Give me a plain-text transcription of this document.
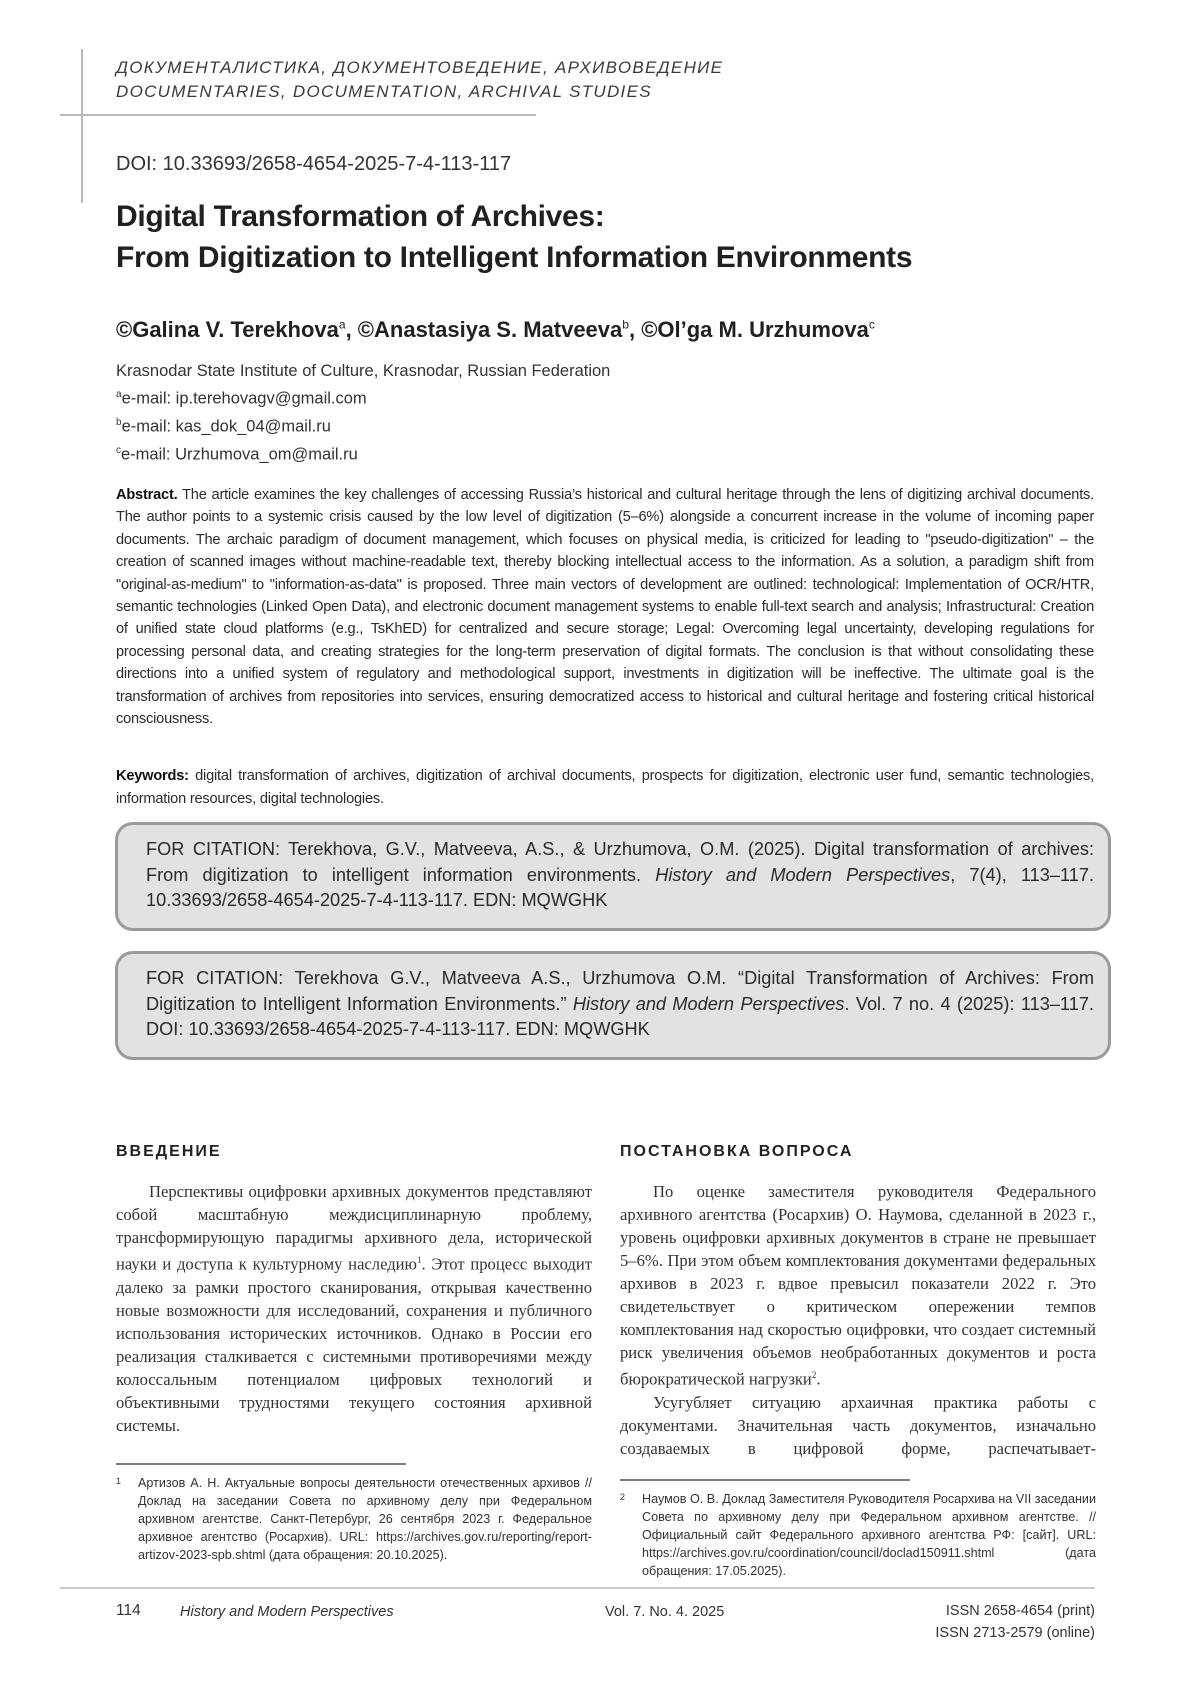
ДОКУМЕНТАЛИСТИКА, ДОКУМЕНТОВЕДЕНИЕ, АРХИВОВЕДЕНИЕ
DOCUMENTARIES, DOCUMENTATION, ARCHIVAL STUDIES
DOI: 10.33693/2658-4654-2025-7-4-113-117
Digital Transformation of Archives:
From Digitization to Intelligent Information Environments
©Galina V. Terekhova$^a$, ©Anastasiya S. Matveeva$^b$, ©Ol’ga M. Urzhumova$^c$
Krasnodar State Institute of Culture, Krasnodar, Russian Federation
$^a$e-mail: ip.terehovagv@gmail.com
$^b$e-mail: kas_dok_04@mail.ru
$^c$e-mail: Urzhumova_om@mail.ru
Abstract. The article examines the key challenges of accessing Russia’s historical and cultural heritage through the lens of digitizing archival documents. The author points to a systemic crisis caused by the low level of digitization (5–6%) alongside a concurrent increase in the volume of incoming paper documents. The archaic paradigm of document management, which focuses on physical media, is criticized for leading to "pseudo-digitization" – the creation of scanned images without machine-readable text, thereby blocking intellectual access to the information. As a solution, a paradigm shift from "original-as-medium" to "information-as-data" is proposed. Three main vectors of development are outlined: technological: Implementation of OCR/HTR, semantic technologies (Linked Open Data), and electronic document management systems to enable full-text search and analysis; Infrastructural: Creation of unified state cloud platforms (e.g., TsKhED) for centralized and secure storage; Legal: Overcoming legal uncertainty, developing regulations for processing personal data, and creating strategies for the long-term preservation of digital formats. The conclusion is that without consolidating these directions into a unified system of regulatory and methodological support, investments in digitization will be ineffective. The ultimate goal is the transformation of archives from repositories into services, ensuring democratized access to historical and cultural heritage and fostering critical historical consciousness.
Keywords: digital transformation of archives, digitization of archival documents, prospects for digitization, electronic user fund, semantic technologies, information resources, digital technologies.
FOR CITATION: Terekhova, G.V., Matveeva, A.S., & Urzhumova, O.M. (2025). Digital transformation of archives: From digitization to intelligent information environments. History and Modern Perspectives, 7(4), 113–117. 10.33693/2658-4654-2025-7-4-113-117. EDN: MQWGHK
FOR CITATION: Terekhova G.V., Matveeva A.S., Urzhumova O.M. “Digital Transformation of Archives: From Digitization to Intelligent Information Environments.” History and Modern Perspectives. Vol. 7 no. 4 (2025): 113–117. DOI: 10.33693/2658-4654-2025-7-4-113-117. EDN: MQWGHK
ВВЕДЕНИЕ

Перспективы оцифровки архивных документов представляют собой масштабную междисциплинарную проблему, трансформирующую парадигмы архивного дела, исторической науки и доступа к культурному наследию$^1$. Этот процесс выходит далеко за рамки простого сканирования, открывая качественно новые возможности для исследований, сохранения и публичного использования исторических источников. Однако в России его реализация сталкивается с системными противоречиями между колоссальным потенциалом цифровых технологий и объективными трудностями текущего состояния архивной системы.

ПОСТАНОВКА ВОПРОСА

По оценке заместителя руководителя Федерального архивного агентства (Росархив) О. Наумова, сделанной в 2023 г., уровень оцифровки архивных документов в стране не превышает 5–6%. При этом объем комплектования документами федеральных архивов в 2023 г. вдвое превысил показатели 2022 г. Это свидетельствует о критическом опережении темпов комплектования над скоростью оцифровки, что создает системный риск увеличения объемов необработанных документов и роста бюрократической нагрузки$^2$.

Усугубляет ситуацию архаичная практика работы с документами. Значительная часть документов, изначально создаваемых в цифровой форме, распечатывает-

1 Артизов А. Н. Актуальные вопросы деятельности отечественных архивов // Доклад на заседании Совета по архивному делу при Федеральном архивном агентстве. Санкт-Петербург, 26 сентября 2023 г. Федеральное архивное агентство (Росархив). URL: https://archives.gov.ru/reporting/report-artizov-2023-spb.shtml (дата обращения: 20.10.2025).
2 Наумов О. В. Доклад Заместителя Руководителя Росархива на VII заседании Совета по архивному делу при Федеральном архивном агентстве. // Официальный сайт Федерального архивного агентства РФ: [сайт]. URL: https://archives.gov.ru/coordination/council/doclad150911.shtml (дата обращения: 17.05.2025).
114	History and Modern Perspectives	Vol. 7. No. 4. 2025	ISSN 2658-4654 (print)
ISSN 2713-2579 (online)
